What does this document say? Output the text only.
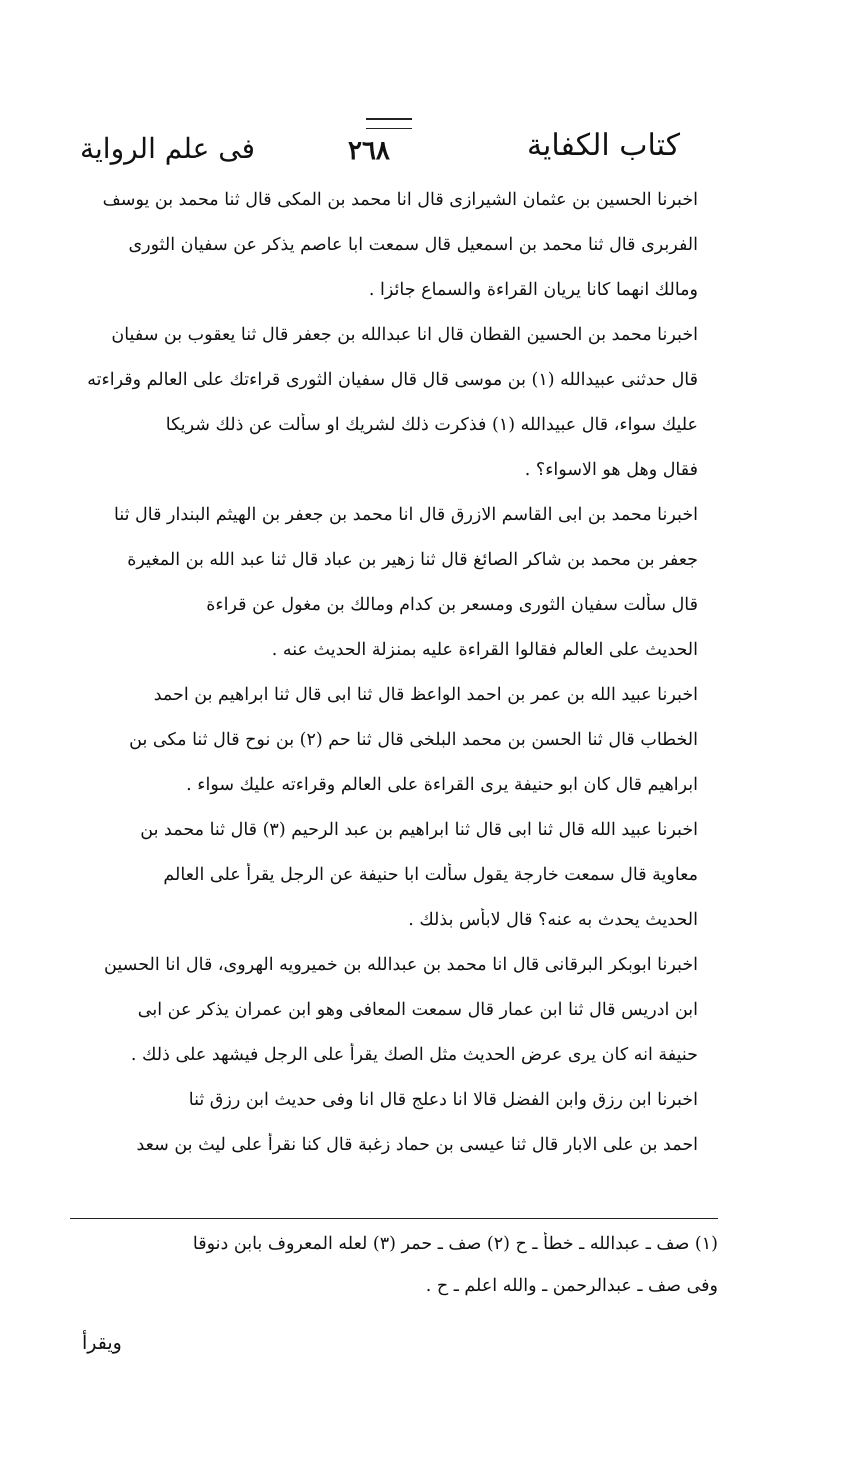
كتاب الكفاية
٢٦٨
فى علم الرواية
اخبرنا الحسين بن عثمان الشيرازى قال انا محمد بن المكى قال ثنا محمد بن يوسف
الفربرى قال ثنا محمد بن اسمعيل قال سمعت ابا عاصم يذكر عن سفيان الثورى
ومالك انهما كانا يريان القراءة والسماع جائزا .
اخبرنا محمد بن الحسين القطان قال انا عبدالله بن جعفر قال ثنا يعقوب بن سفيان
قال حدثنى عبيدالله (١) بن موسى قال قال سفيان الثورى قراءتك على العالم وقراءته
عليك سواء، قال عبيدالله (١) فذكرت ذلك لشريك او سألت عن ذلك شريكا
فقال وهل هو الاسواء؟ .
اخبرنا محمد بن ابى القاسم الازرق قال انا محمد بن جعفر بن الهيثم البندار قال ثنا
جعفر بن محمد بن شاكر الصائغ قال ثنا زهير بن عباد قال ثنا عبد الله بن المغيرة
قال سألت سفيان الثورى ومسعر بن كدام ومالك بن مغول عن قراءة
الحديث على العالم فقالوا القراءة عليه بمنزلة الحديث عنه .
اخبرنا عبيد الله بن عمر بن احمد الواعظ قال ثنا ابى قال ثنا ابراهيم بن احمد
الخطاب قال ثنا الحسن بن محمد البلخى قال ثنا حم (٢) بن نوح قال ثنا مكى بن
ابراهيم قال كان ابو حنيفة يرى القراءة على العالم وقراءته عليك سواء .
اخبرنا عبيد الله قال ثنا ابى قال ثنا ابراهيم بن عبد الرحيم (٣) قال ثنا محمد بن
معاوية قال سمعت خارجة يقول سألت ابا حنيفة عن الرجل يقرأ على العالم
الحديث يحدث به عنه؟ قال لابأس بذلك .
اخبرنا ابوبكر البرقانى قال انا محمد بن عبدالله بن خميرويه الهروى، قال انا الحسين
ابن ادريس قال ثنا ابن عمار قال سمعت المعافى وهو ابن عمران يذكر عن ابى
حنيفة انه كان يرى عرض الحديث مثل الصك يقرأ على الرجل فيشهد على ذلك .
اخبرنا ابن رزق وابن الفضل قالا انا دعلج قال انا وفى حديث ابن رزق ثنا
احمد بن على الابار قال ثنا عيسى بن حماد زغبة قال كنا نقرأ على ليث بن سعد
(١) صف ـ عبدالله ـ خطأ ـ ح (٢) صف ـ حمر (٣) لعله المعروف بابن دنوقا
وفى صف ـ عبدالرحمن ـ والله اعلم ـ ح .
ويقرأ
